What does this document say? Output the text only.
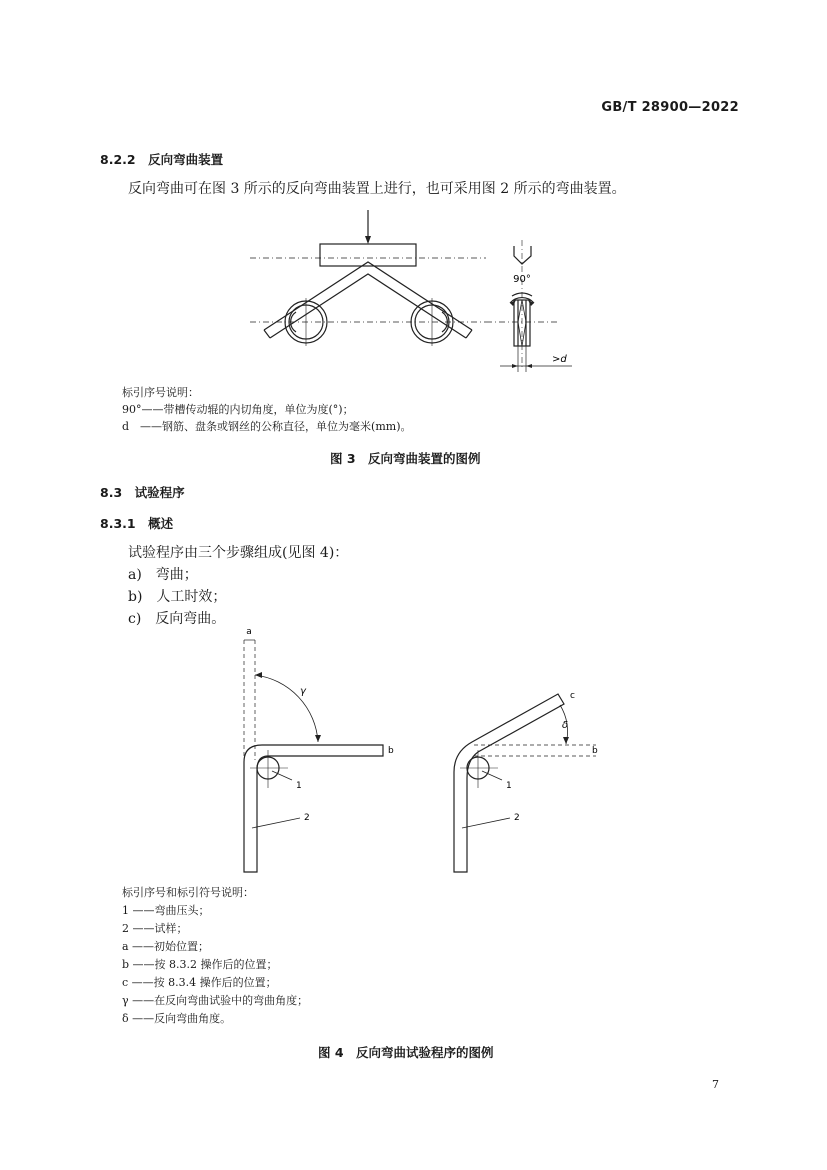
GB/T 28900—2022
8.2.2　反向弯曲装置
反向弯曲可在图 3 所示的反向弯曲装置上进行，也可采用图 2 所示的弯曲装置。
90°
>d
标引序号说明：
90°——带槽传动辊的内切角度，单位为度(°)；
d　——钢筋、盘条或钢丝的公称直径，单位为毫米(mm)。
图 3　反向弯曲装置的图例
8.3　试验程序
8.3.1　概述
试验程序由三个步骤组成(见图 4)：
a)　弯曲；
b)　人工时效；
c)　反向弯曲。
a
b
1
2
γ	c
b
1
2
δ
标引序号和标引符号说明：
1 ——弯曲压头；
2 ——试样；
a ——初始位置；
b ——按 8.3.2 操作后的位置；
c ——按 8.3.4 操作后的位置；
γ ——在反向弯曲试验中的弯曲角度；
δ ——反向弯曲角度。
图 4　反向弯曲试验程序的图例
7
